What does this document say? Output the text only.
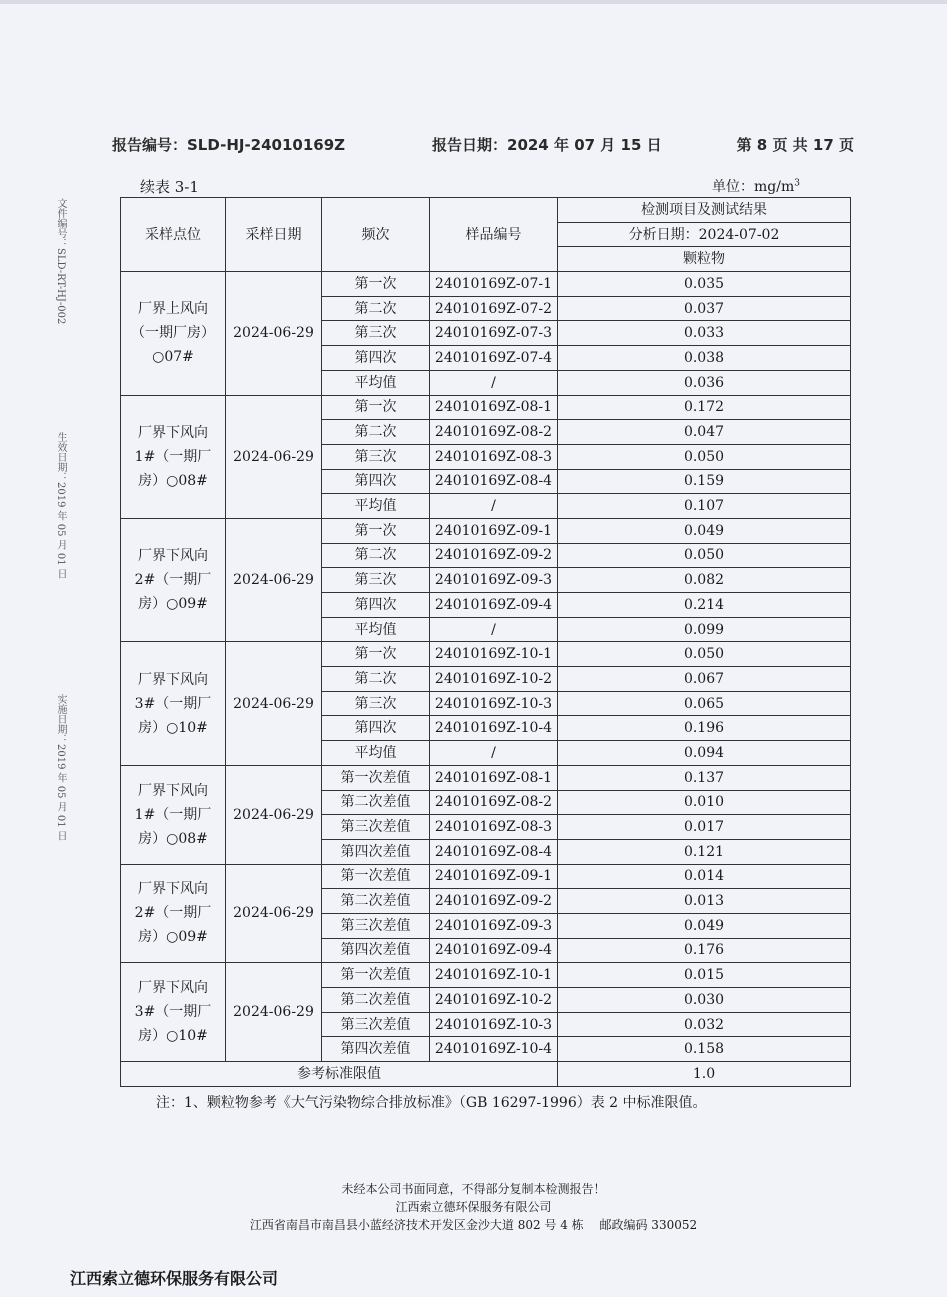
报告编号：SLD-HJ-24010169Z	报告日期：2024 年 07 月 15 日	第 8 页 共 17 页
文件编号：SLD-RT-HJ-002
生效日期：2019 年 05 月 01 日
实施日期：2019 年 05 月 01 日
续表 3-1	单位：$mg/m^3$
采样点位	采样日期	频次	样品编号	检测项目及测试结果
				分析日期：2024-07-02
				颗粒物
厂界上风向
（一期厂房）
○07#	2024-06-29	第一次	24010169Z-07-1	0.035
		第二次	24010169Z-07-2	0.037
		第三次	24010169Z-07-3	0.033
		第四次	24010169Z-07-4	0.038
		平均值	/	0.036
厂界下风向
1#（一期厂
房）○08#	2024-06-29	第一次	24010169Z-08-1	0.172
		第二次	24010169Z-08-2	0.047
		第三次	24010169Z-08-3	0.050
		第四次	24010169Z-08-4	0.159
		平均值	/	0.107
厂界下风向
2#（一期厂
房）○09#	2024-06-29	第一次	24010169Z-09-1	0.049
		第二次	24010169Z-09-2	0.050
		第三次	24010169Z-09-3	0.082
		第四次	24010169Z-09-4	0.214
		平均值	/	0.099
厂界下风向
3#（一期厂
房）○10#	2024-06-29	第一次	24010169Z-10-1	0.050
		第二次	24010169Z-10-2	0.067
		第三次	24010169Z-10-3	0.065
		第四次	24010169Z-10-4	0.196
		平均值	/	0.094
厂界下风向
1#（一期厂
房）○08#	2024-06-29	第一次差值	24010169Z-08-1	0.137
		第二次差值	24010169Z-08-2	0.010
		第三次差值	24010169Z-08-3	0.017
		第四次差值	24010169Z-08-4	0.121
厂界下风向
2#（一期厂
房）○09#	2024-06-29	第一次差值	24010169Z-09-1	0.014
		第二次差值	24010169Z-09-2	0.013
		第三次差值	24010169Z-09-3	0.049
		第四次差值	24010169Z-09-4	0.176
厂界下风向
3#（一期厂
房）○10#	2024-06-29	第一次差值	24010169Z-10-1	0.015
		第二次差值	24010169Z-10-2	0.030
		第三次差值	24010169Z-10-3	0.032
		第四次差值	24010169Z-10-4	0.158
参考标准限值				1.0
注：1、颗粒物参考《大气污染物综合排放标准》（GB 16297-1996）表 2 中标准限值。
未经本公司书面同意，不得部分复制本检测报告！
江西索立德环保服务有限公司
江西省南昌市南昌县小蓝经济技术开发区金沙大道 802 号 4 栋　 邮政编码 330052
江西索立德环保服务有限公司
